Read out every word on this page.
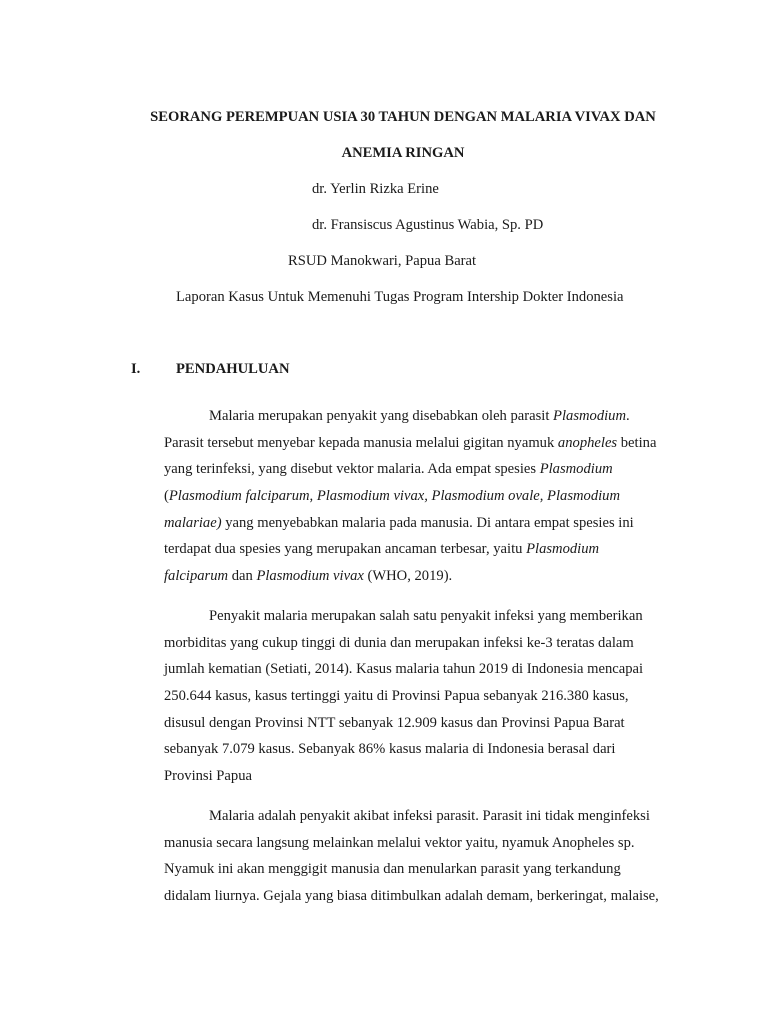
SEORANG PEREMPUAN USIA 30 TAHUN DENGAN MALARIA VIVAX DAN
ANEMIA RINGAN
dr. Yerlin Rizka Erine
dr. Fransiscus Agustinus Wabia, Sp. PD
RSUD Manokwari, Papua Barat
Laporan Kasus Untuk Memenuhi Tugas Program Intership Dokter Indonesia
I. PENDAHULUAN
Malaria merupakan penyakit yang disebabkan oleh parasit Plasmodium.
Parasit tersebut menyebar kepada manusia melalui gigitan nyamuk anopheles betina
yang terinfeksi, yang disebut vektor malaria. Ada empat spesies Plasmodium
(Plasmodium falciparum, Plasmodium vivax, Plasmodium ovale, Plasmodium
malariae) yang menyebabkan malaria pada manusia. Di antara empat spesies ini
terdapat dua spesies yang merupakan ancaman terbesar, yaitu Plasmodium
falciparum dan Plasmodium vivax (WHO, 2019).
Penyakit malaria merupakan salah satu penyakit infeksi yang memberikan
morbiditas yang cukup tinggi di dunia dan merupakan infeksi ke-3 teratas dalam
jumlah kematian (Setiati, 2014). Kasus malaria tahun 2019 di Indonesia mencapai
250.644 kasus, kasus tertinggi yaitu di Provinsi Papua sebanyak 216.380 kasus,
disusul dengan Provinsi NTT sebanyak 12.909 kasus dan Provinsi Papua Barat
sebanyak 7.079 kasus. Sebanyak 86% kasus malaria di Indonesia berasal dari
Provinsi Papua
Malaria adalah penyakit akibat infeksi parasit. Parasit ini tidak menginfeksi
manusia secara langsung melainkan melalui vektor yaitu, nyamuk Anopheles sp.
Nyamuk ini akan menggigit manusia dan menularkan parasit yang terkandung
didalam liurnya. Gejala yang biasa ditimbulkan adalah demam, berkeringat, malaise,
